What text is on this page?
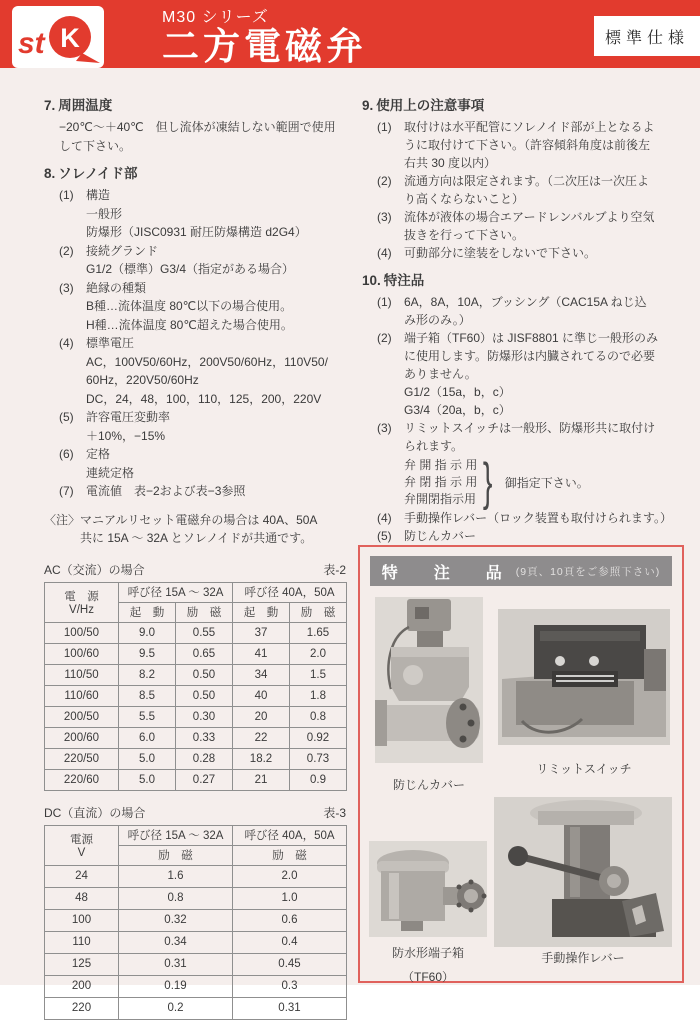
st K
M30 シリーズ
二方電磁弁	標準仕様
7. 周囲温度
−20℃〜＋40℃　但し流体が凍結しない範囲で使用
して下さい。
8. ソレノイド部
(1)	構造
一般形
防爆形（JISC0931 耐圧防爆構造 d2G4）
(2)	接続グランド
G1/2（標準）G3/4（指定がある場合）
(3)	絶縁の種類
B種…流体温度 80℃以下の場合使用。
H種…流体温度 80℃超えた場合使用。
(4)	標準電圧
AC，100V50/60Hz，200V50/60Hz，110V50/
60Hz，220V50/60Hz
DC，24，48，100，110，125，200，220V
(5)	許容電圧変動率
＋10%，−15%
(6)	定格
連続定格
(7)	電流値　表−2および表−3参照
〈注〉 マニアルリセット電磁弁の場合は 40A、50A
共に 15A 〜 32A とソレノイドが共通です。
AC（交流）の場合	表-2
電　源
V/Hz	呼び径 15A 〜 32A		呼び径 40A，50A	
	起　動	励　磁	起　動	励　磁
100/50	9.0	0.55	37	1.65
100/60	9.5	0.65	41	2.0
110/50	8.2	0.50	34	1.5
110/60	8.5	0.50	40	1.8
200/50	5.5	0.30	20	0.8
200/60	6.0	0.33	22	0.92
220/50	5.0	0.28	18.2	0.73
220/60	5.0	0.27	21	0.9
DC（直流）の場合	表-3
電源
V	呼び径 15A 〜 32A	呼び径 40A，50A
	励　磁	励　磁
24	1.6	2.0
48	0.8	1.0
100	0.32	0.6
110	0.34	0.4
125	0.31	0.45
200	0.19	0.3
220	0.2	0.31
9. 使用上の注意事項
(1)	取付けは水平配管にソレノイド部が上となるよ
うに取付けて下さい。（許容傾斜角度は前後左
右共 30 度以内）
(2)	流通方向は限定されます。（二次圧は一次圧よ
り高くならないこと）
(3)	流体が液体の場合エアードレンバルブより空気
抜きを行って下さい。
(4)	可動部分に塗装をしないで下さい。
10. 特注品
(1)	6A，8A，10A，ブッシング（CAC15A ねじ込
み形のみ。）
(2)	端子箱（TF60）は JISF8801 に準じ一般形のみ
に使用します。防爆形は内臓されてるので必要
ありません。
G1/2（15a，b，c）
G3/4（20a，b，c）
(3)	リミットスイッチは一般形、防爆形共に取付け
られます。
弁 開 指 示 用
弁 閉 指 示 用
弁開閉指示用 } 御指定下さい。
(4)	手動操作レバー（ロック装置も取付けられます。）
(5)	防じんカバー
特　注　品 (9頁、10頁をご参照下さい)
防じんカバー
リミットスイッチ
防水形端子箱
（TF60）
手動操作レバー
